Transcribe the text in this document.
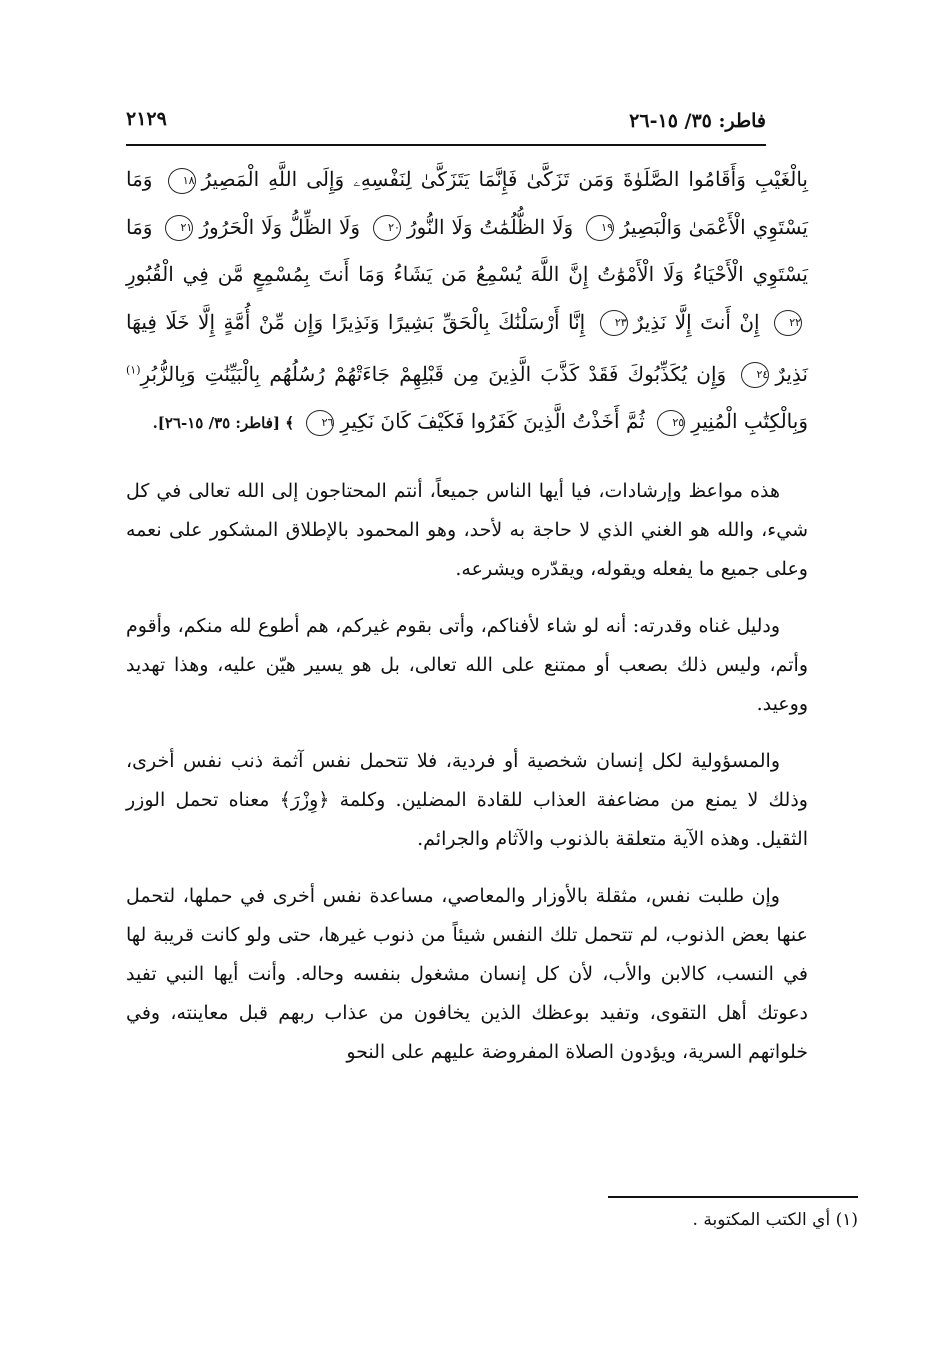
فاطر: ٣٥/ ١٥-٢٦
٢١٢٩
بِالْغَيْبِ وَأَقَامُوا الصَّلَوٰةَ وَمَن تَزَكَّىٰ فَإِنَّمَا يَتَزَكَّىٰ لِنَفْسِهِۦ وَإِلَى اللَّهِ الْمَصِيرُ١٨ وَمَا يَسْتَوِي الْأَعْمَىٰ وَالْبَصِيرُ١٩ وَلَا الظُّلُمَٰتُ وَلَا النُّورُ٢٠ وَلَا الظِّلُّ وَلَا الْحَرُورُ٢١ وَمَا يَسْتَوِي الْأَحْيَاءُ وَلَا الْأَمْوَٰتُ إِنَّ اللَّهَ يُسْمِعُ مَن يَشَاءُ وَمَا أَنتَ بِمُسْمِعٍ مَّن فِي الْقُبُورِ٢٢ إِنْ أَنتَ إِلَّا نَذِيرٌ٢٣ إِنَّا أَرْسَلْنَٰكَ بِالْحَقِّ بَشِيرًا وَنَذِيرًا وَإِن مِّنْ أُمَّةٍ إِلَّا خَلَا فِيهَا نَذِيرٌ٢٤ وَإِن يُكَذِّبُوكَ فَقَدْ كَذَّبَ الَّذِينَ مِن قَبْلِهِمْ جَاءَتْهُمْ رُسُلُهُم بِالْبَيِّنَٰتِ وَبِالزُّبُرِ$^{(١)}$ وَبِالْكِتَٰبِ الْمُنِيرِ٢٥ ثُمَّ أَخَذْتُ الَّذِينَ كَفَرُوا فَكَيْفَ كَانَ نَكِيرِ٢٦ ﴾ [فاطر: ٣٥/ ١٥-٢٦].

هذه مواعظ وإرشادات، فيا أيها الناس جميعاً، أنتم المحتاجون إلى الله تعالى في كل شيء، والله هو الغني الذي لا حاجة به لأحد، وهو المحمود بالإطلاق المشكور على نعمه وعلى جميع ما يفعله ويقوله، ويقدّره ويشرعه.

ودليل غناه وقدرته: أنه لو شاء لأفناكم، وأتى بقوم غيركم، هم أطوع لله منكم، وأقوم وأتم، وليس ذلك بصعب أو ممتنع على الله تعالى، بل هو يسير هيّن عليه، وهذا تهديد ووعيد.

والمسؤولية لكل إنسان شخصية أو فردية، فلا تتحمل نفس آثمة ذنب نفس أخرى، وذلك لا يمنع من مضاعفة العذاب للقادة المضلين. وكلمة ﴿وِزْرَ﴾ معناه تحمل الوزر الثقيل. وهذه الآية متعلقة بالذنوب والآثام والجرائم.

وإن طلبت نفس، مثقلة بالأوزار والمعاصي، مساعدة نفس أخرى في حملها، لتحمل عنها بعض الذنوب، لم تتحمل تلك النفس شيئاً من ذنوب غيرها، حتى ولو كانت قريبة لها في النسب، كالابن والأب، لأن كل إنسان مشغول بنفسه وحاله. وأنت أيها النبي تفيد دعوتك أهل التقوى، وتفيد بوعظك الذين يخافون من عذاب ربهم قبل معاينته، وفي خلواتهم السرية، ويؤدون الصلاة المفروضة عليهم على النحو

(١) أي الكتب المكتوبة .
